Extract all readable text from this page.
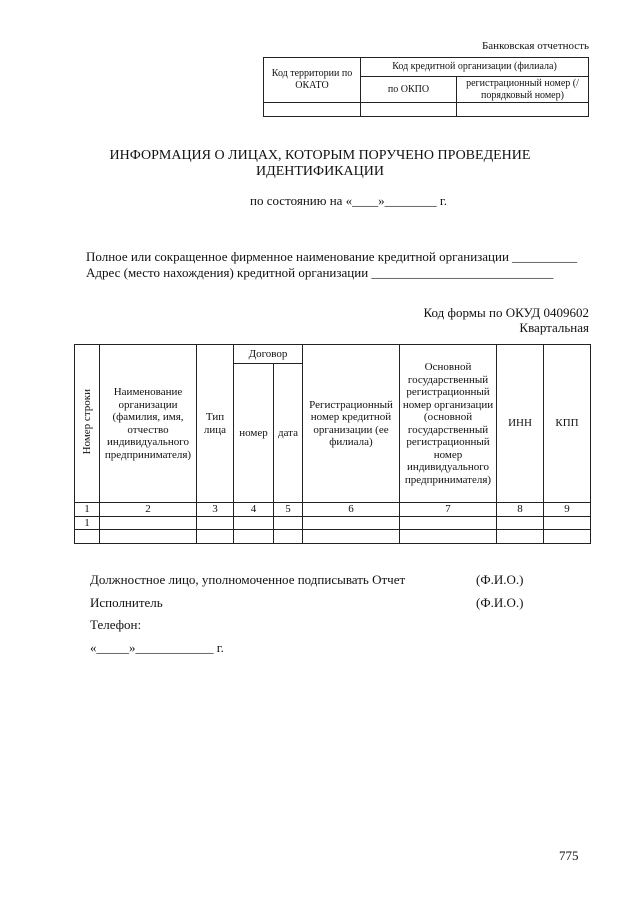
Банковская отчетность
Код территории по ОКАТО	Код кредитной организации (филиала)	
	по ОКПО	регистрационный номер (/порядковый номер)

ИНФОРМАЦИЯ О ЛИЦАХ, КОТОРЫМ ПОРУЧЕНО ПРОВЕДЕНИЕ
ИДЕНТИФИКАЦИИ
по состоянию на «____»________ г.
Полное или сокращенное фирменное наименование кредитной организации __________
Адрес (место нахождения) кредитной организации ____________________________
Код формы по ОКУД 0409602
Квартальная
Номер строки	Наименование организации (фамилия, имя, отчество индивидуального предпринимателя)	Тип лица	Договор		Регистрационный номер кредитной организации (ее филиала)	Основной государственный регистрационный номер организации (основной государственный регистрационный номер индивидуального предпринимателя)	ИНН	КПП
			номер	дата				
1	2	3	4	5	6	7	8	9
1								

Должностное лицо, уполномоченное подписывать Отчет	(Ф.И.О.)
Исполнитель	(Ф.И.О.)
Телефон:
«_____»____________ г.
775
